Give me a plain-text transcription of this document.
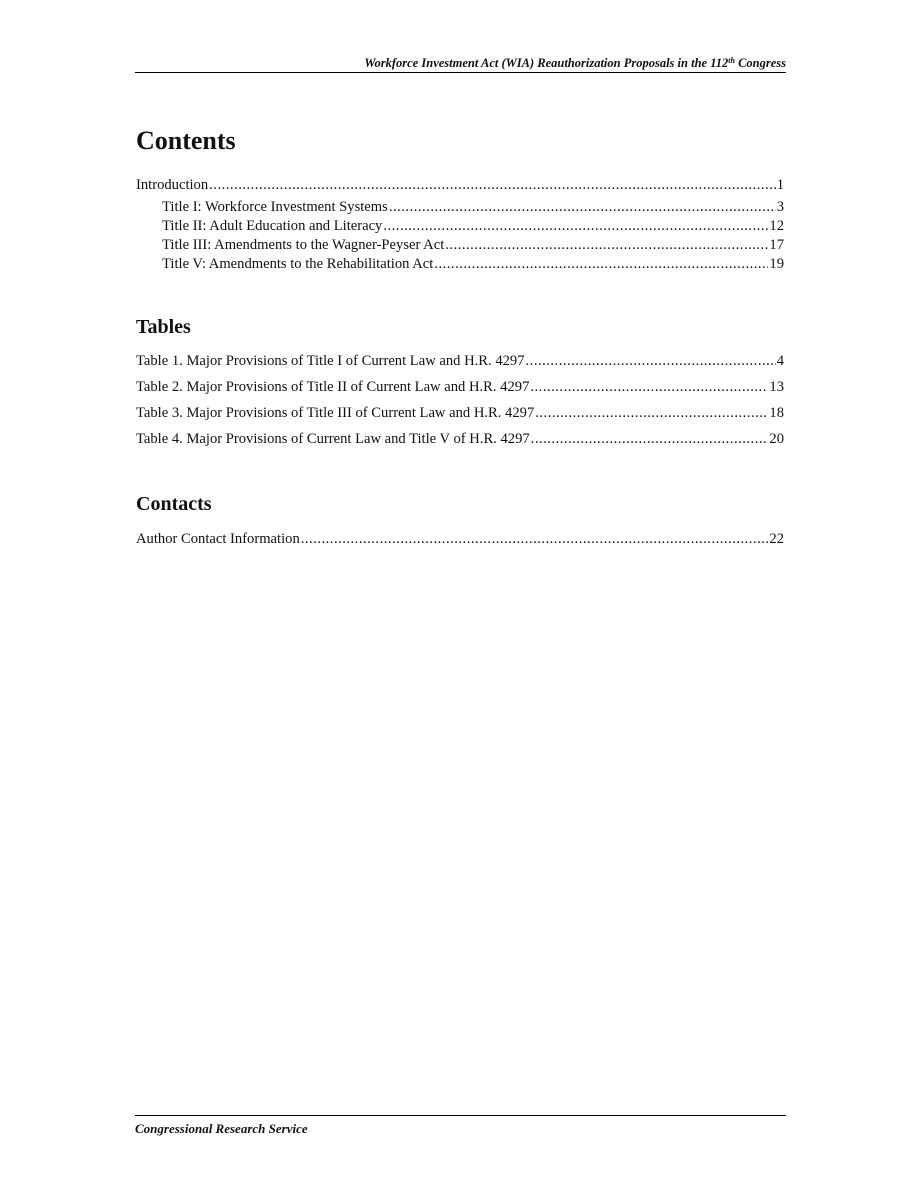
Workforce Investment Act (WIA) Reauthorization Proposals in the 112th Congress
Contents
Introduction .....	1
Title I: Workforce Investment Systems .....	3
Title II: Adult Education and Literacy .....	12
Title III: Amendments to the Wagner-Peyser Act .....	17
Title V: Amendments to the Rehabilitation Act .....	19
Tables
Table 1. Major Provisions of Title I of Current Law and H.R. 4297 .....	4
Table 2. Major Provisions of Title II of Current Law and H.R. 4297 .....	13
Table 3. Major Provisions of Title III of Current Law and H.R. 4297 .....	18
Table 4. Major Provisions of Current Law and Title V of H.R. 4297 .....	20
Contacts
Author Contact Information .....	22
Congressional Research Service
